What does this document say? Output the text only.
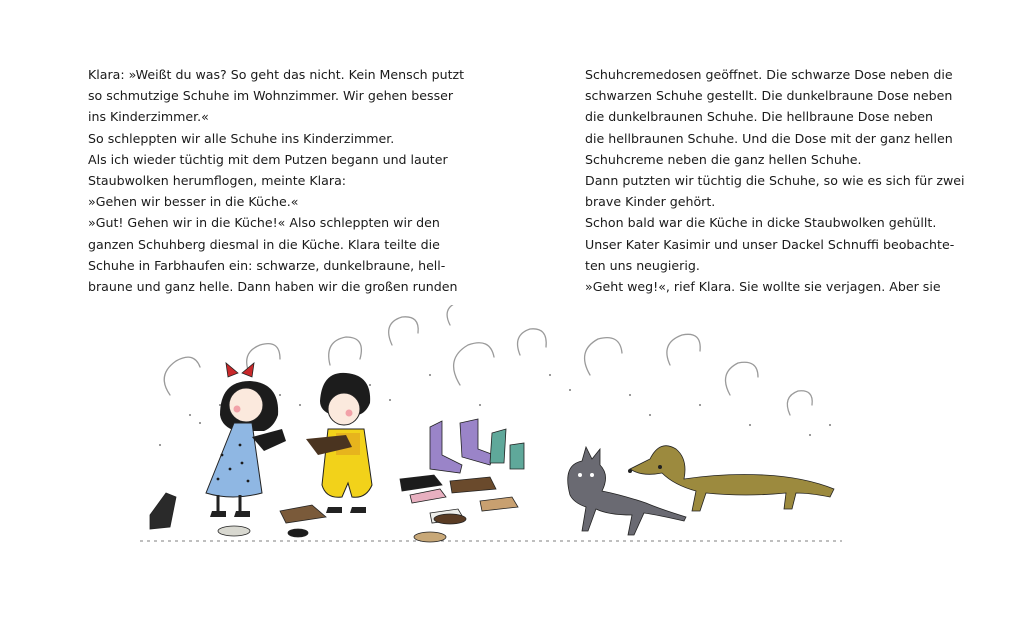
Klara: »Weißt du was? So geht das nicht. Kein Mensch putzt
so schmutzige Schuhe im Wohnzimmer. Wir gehen besser
ins Kinderzimmer.«
So schleppten wir alle Schuhe ins Kinderzimmer.
Als ich wieder tüchtig mit dem Putzen begann und lauter
Staubwolken herumflogen, meinte Klara:
»Gehen wir besser in die Küche.«
»Gut! Gehen wir in die Küche!« Also schleppten wir den
ganzen Schuhberg diesmal in die Küche. Klara teilte die
Schuhe in Farbhaufen ein: schwarze, dunkelbraune, hell-
braune und ganz helle. Dann haben wir die großen runden
Schuhcremedosen geöffnet. Die schwarze Dose neben die
schwarzen Schuhe gestellt. Die dunkelbraune Dose neben
die dunkelbraunen Schuhe. Die hellbraune Dose neben
die hellbraunen Schuhe. Und die Dose mit der ganz hellen
Schuhcreme neben die ganz hellen Schuhe.
Dann putzten wir tüchtig die Schuhe, so wie es sich für zwei
brave Kinder gehört.
Schon bald war die Küche in dicke Staubwolken gehüllt.
Unser Kater Kasimir und unser Dackel Schnuffi beobachte-
ten uns neugierig.
»Geht weg!«, rief Klara. Sie wollte sie verjagen. Aber sie
